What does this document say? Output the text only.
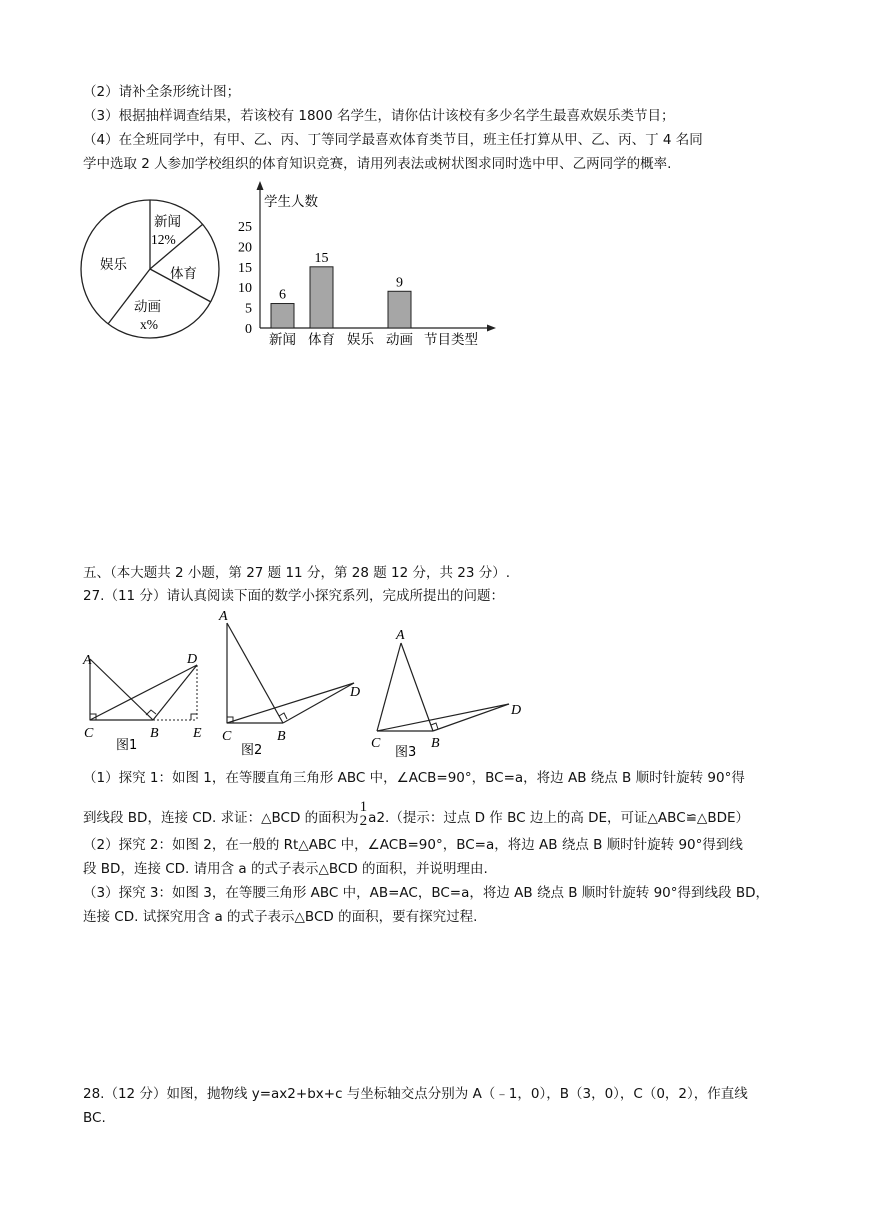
（2）请补全条形统计图；
（3）根据抽样调查结果，若该校有 1800 名学生，请你估计该校有多少名学生最喜欢娱乐类节目；
（4）在全班同学中，有甲、乙、丙、丁等同学最喜欢体育类节目，班主任打算从甲、乙、丙、丁 4 名同
学中选取 2 人参加学校组织的体育知识竞赛，请用列表法或树状图求同时选中甲、乙两同学的概率.
新闻
12%
体育
动画
x%
娱乐
学生人数
0
5
10
15
20
25
6
15
9
新闻 体育 娱乐 动画 节目类型
五、（本大题共 2 小题，第 27 题 11 分，第 28 题 12 分，共 23 分）.
27.（11 分）请认真阅读下面的数学小探究系列，完成所提出的问题：
A
C	B
D
E
图1
A
C	B
D
图2
A
C	B
D
图3
（1）探究 1：如图 1，在等腰直角三角形 ABC 中，∠ACB=90°，BC=a，将边 AB 绕点 B 顺时针旋转 90°得
到线段 BD，连接 CD. 求证：△BCD 的面积为
1
2 a2.（提示：过点 D 作 BC 边上的高 DE，可证△ABC≌△BDE）
（2）探究 2：如图 2，在一般的 Rt△ABC 中，∠ACB=90°，BC=a，将边 AB 绕点 B 顺时针旋转 90°得到线
段 BD，连接 CD. 请用含 a 的式子表示△BCD 的面积，并说明理由.
（3）探究 3：如图 3，在等腰三角形 ABC 中，AB=AC，BC=a，将边 AB 绕点 B 顺时针旋转 90°得到线段 BD，
连接 CD. 试探究用含 a 的式子表示△BCD 的面积，要有探究过程.
28.（12 分）如图，抛物线 y=ax2+bx+c 与坐标轴交点分别为 A（﹣1，0），B（3，0），C（0，2），作直线
BC.
